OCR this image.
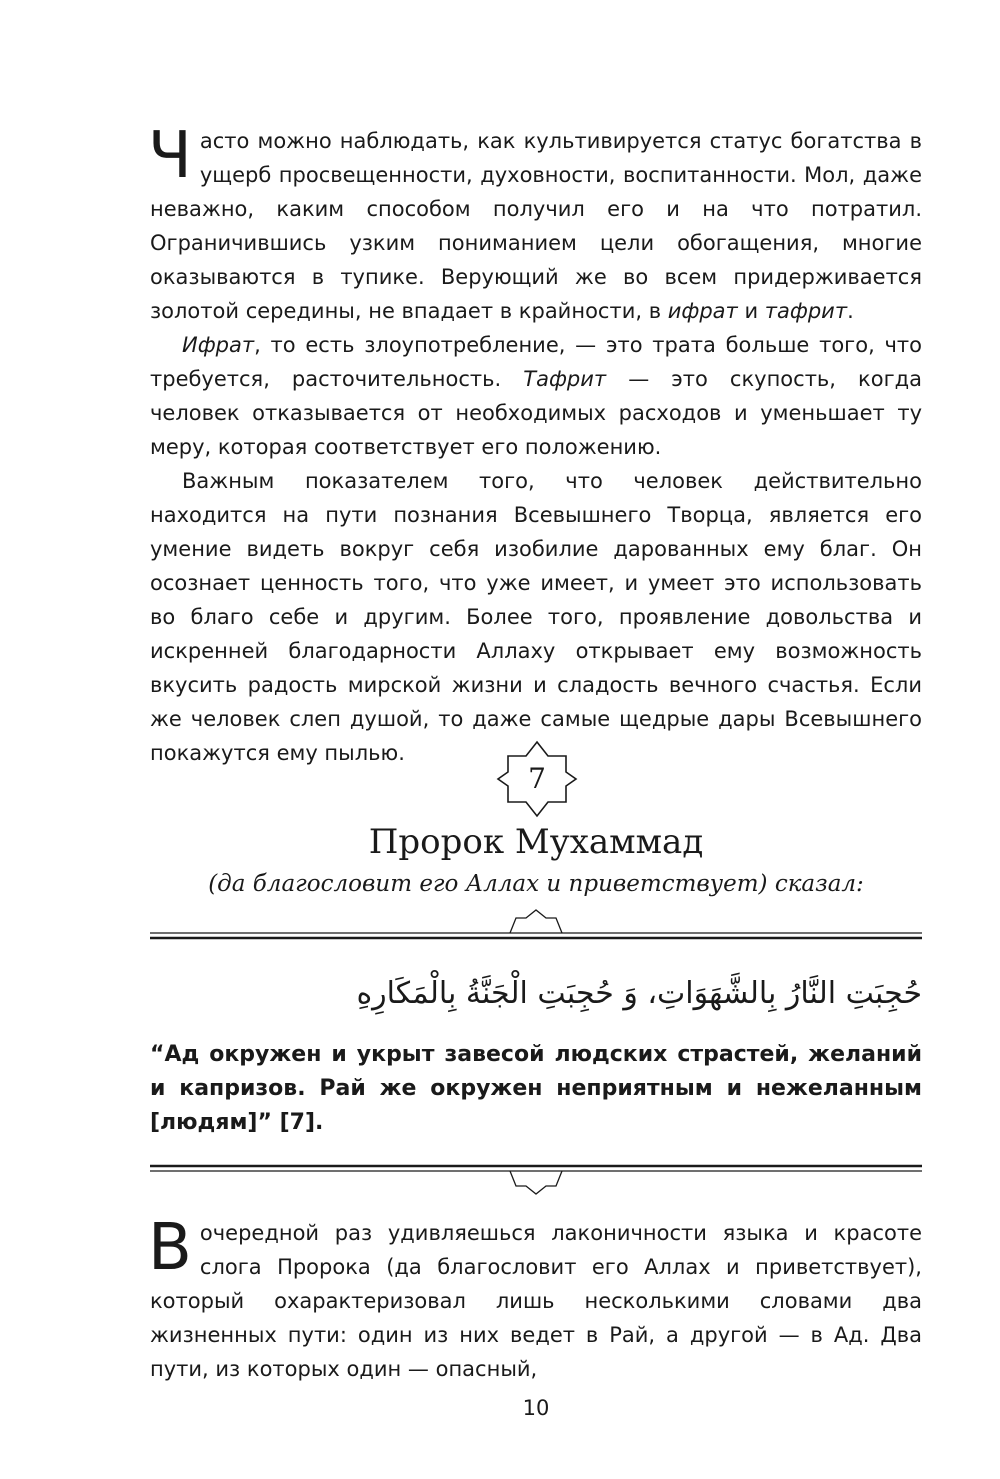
Часто можно наблюдать, как культивируется статус богатства в ущерб просвещенности, духовности, воспитанности. Мол, даже неважно, каким способом получил его и на что потратил. Ограничившись узким пониманием цели обогащения, многие оказываются в тупике. Верующий же во всем придерживается золотой середины, не впадает в крайности, в ифрат и тафрит.

Ифрат, то есть злоупотребление, — это трата больше того, что требуется, расточительность. Тафрит — это скупость, когда человек отказывается от необходимых расходов и уменьшает ту меру, которая соответствует его положению.

Важным показателем того, что человек действительно находится на пути познания Всевышнего Творца, является его умение видеть вокруг себя изобилие дарованных ему благ. Он осознает ценность того, что уже имеет, и умеет это использовать во благо себе и другим. Более того, проявление довольства и искренней благодарности Аллаху открывает ему возможность вкусить радость мирской жизни и сладость вечного счастья. Если же человек слеп душой, то даже самые щедрые дары Всевышнего покажутся ему пылью.

7
Пророк Мухаммад
(да благословит его Аллах и приветствует) сказал:
حُجِبَتِ النَّارُ بِالشَّهَوَاتِ، وَ حُجِبَتِ الْجَنَّةُ بِالْمَكَارِهِ
“Ад окружен и укрыт завесой людских страстей, желаний и капризов. Рай же окружен неприятным и нежеланным [людям]” [7].

Вочередной раз удивляешься лаконичности языка и красоте слога Пророка (да благословит его Аллах и приветствует), который охарактеризовал лишь несколькими словами два жизненных пути: один из них ведет в Рай, а другой — в Ад. Два пути, из которых один — опасный,

10
